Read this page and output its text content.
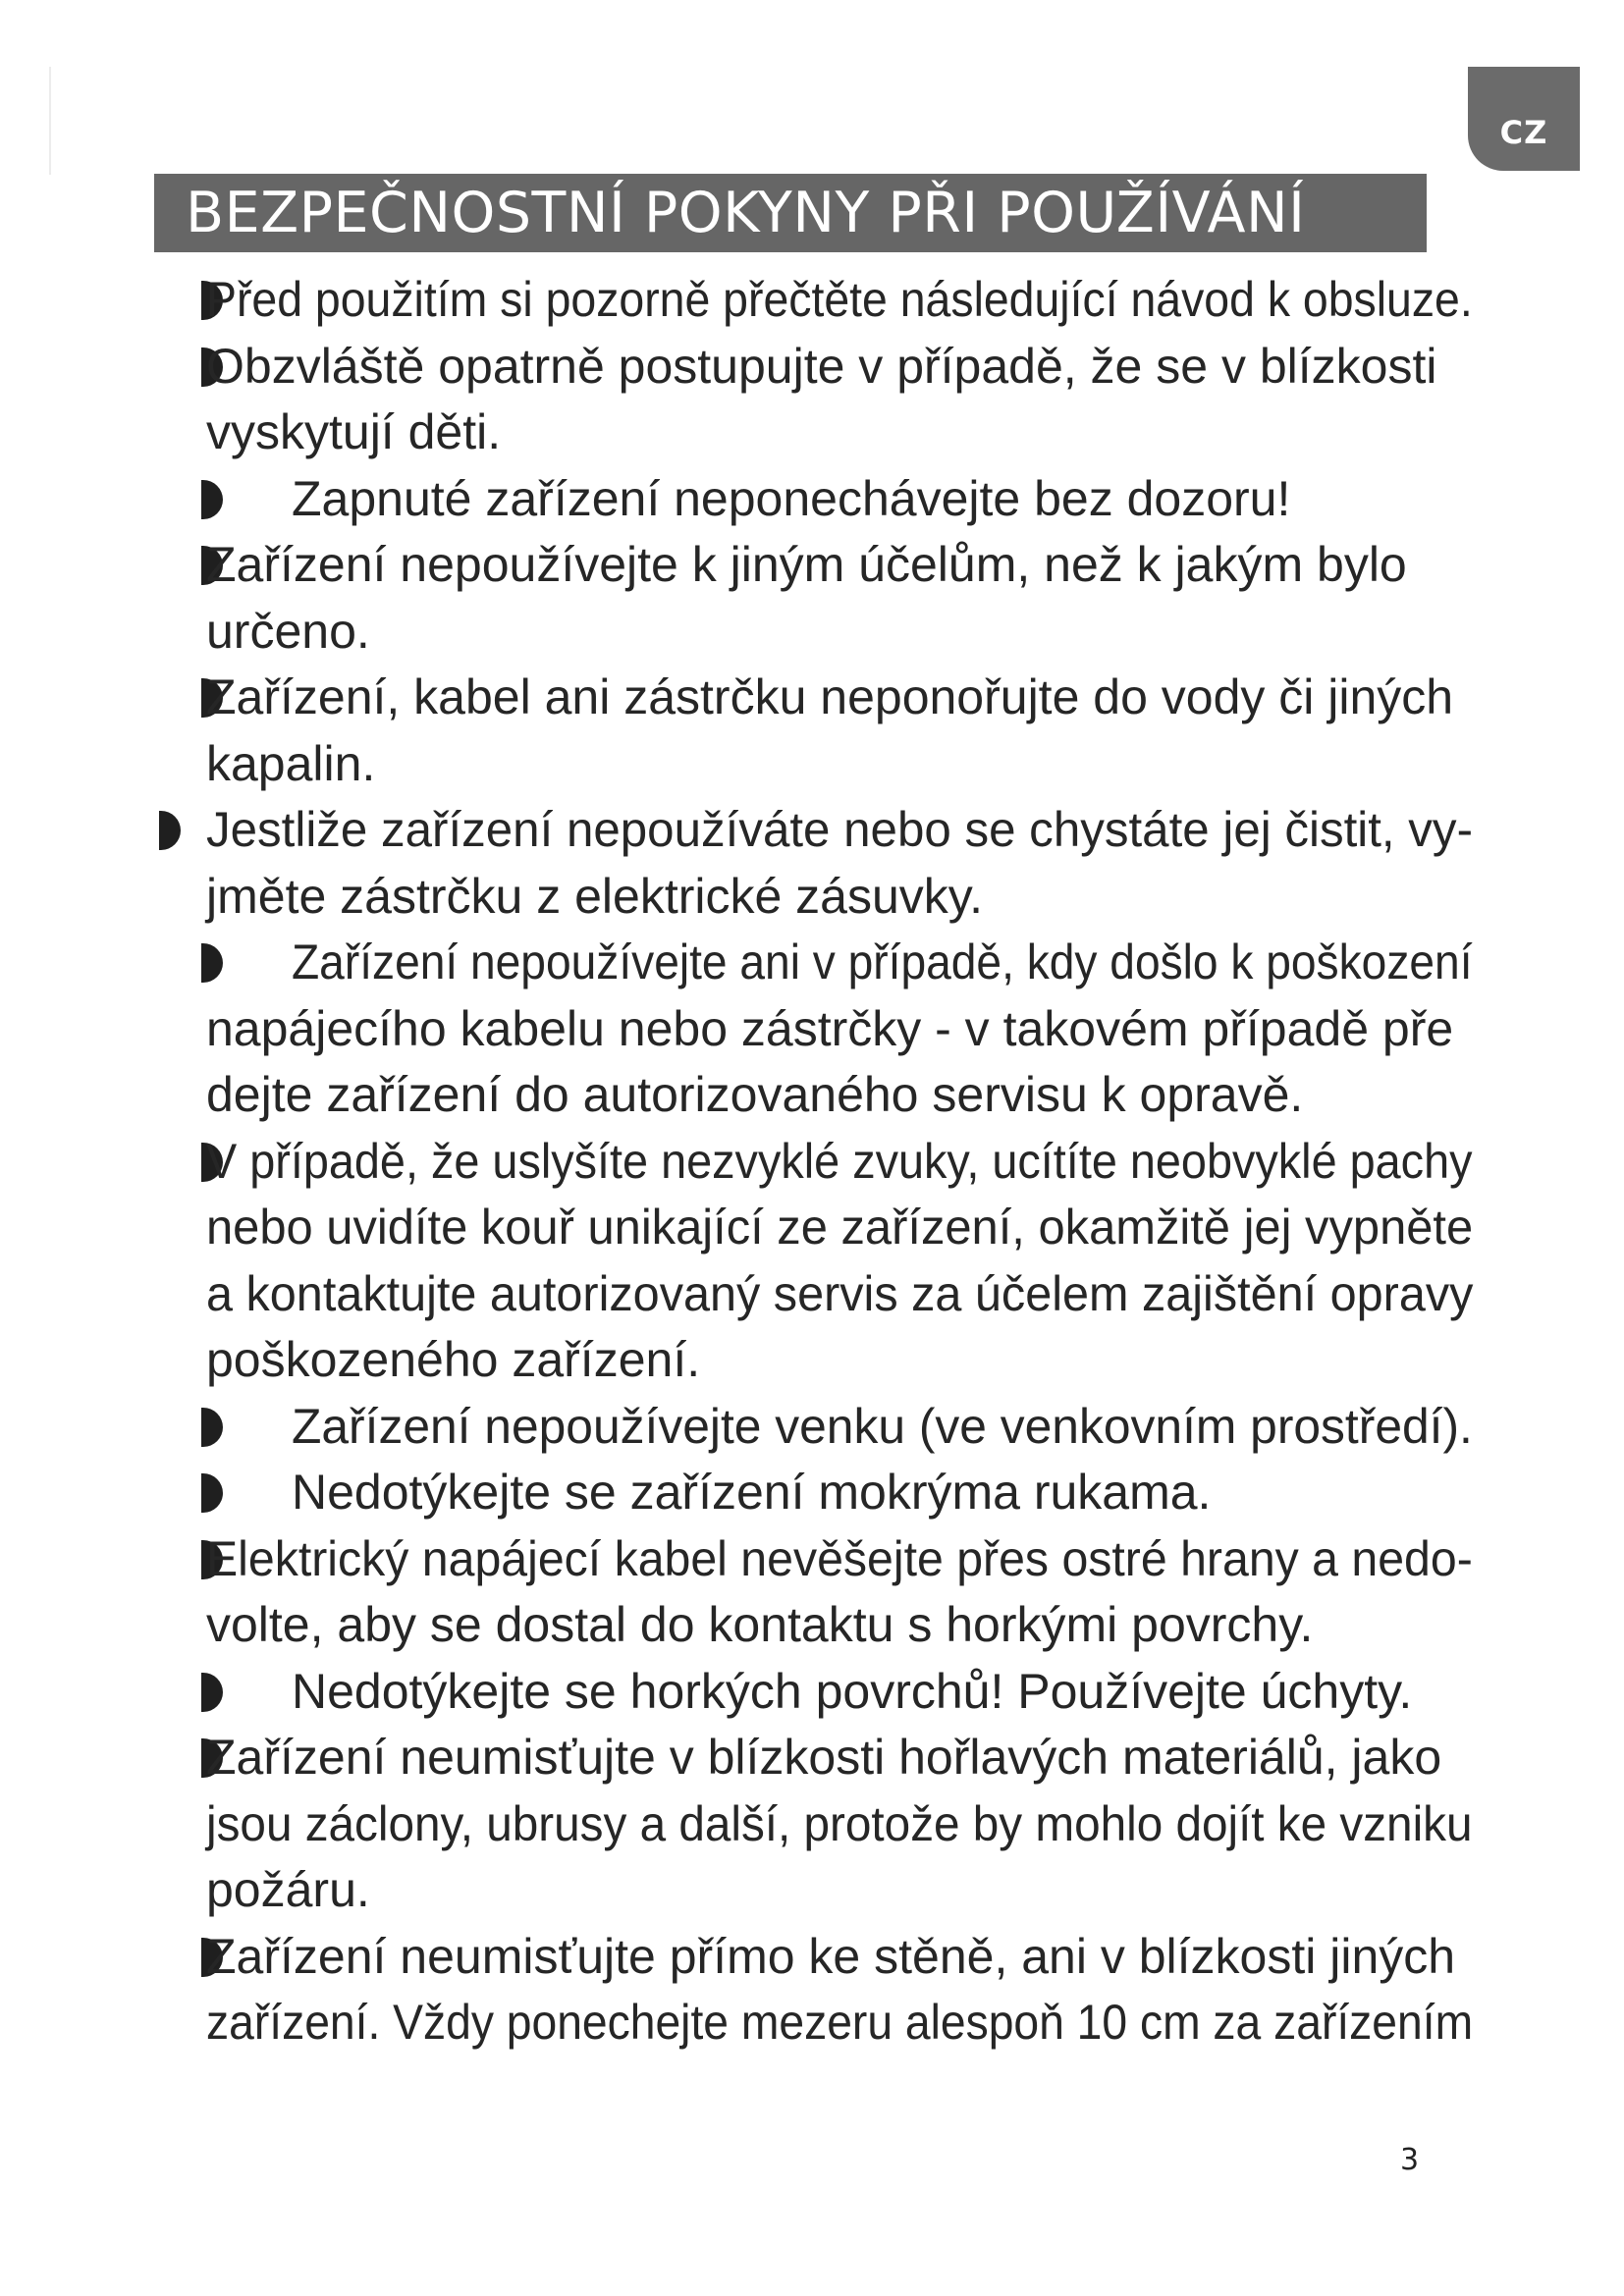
CZ
BEZPEČNOSTNÍ POKYNY PŘI POUŽÍVÁNÍ

Před použitím si pozorně přečtěte následující návod k obsluze.

Obzvláště opatrně postupujte v případě, že se v blízkosti

vyskytují děti.

Zapnuté zařízení neponechávejte bez dozoru!

Zařízení nepoužívejte k jiným účelům, než k jakým bylo

určeno.

Zařízení, kabel ani zástrčku neponořujte do vody či jiných

kapalin.

Jestliže zařízení nepoužíváte nebo se chystáte jej čistit, vy-

jměte zástrčku z elektrické zásuvky.

Zařízení nepoužívejte ani v případě, kdy došlo k poškození

napájecího kabelu nebo zástrčky - v takovém případě pře

dejte zařízení do autorizovaného servisu k opravě.

V případě, že uslyšíte nezvyklé zvuky, ucítíte neobvyklé pachy

nebo uvidíte kouř unikající ze zařízení, okamžitě jej vypněte

a kontaktujte autorizovaný servis za účelem zajištění opravy

poškozeného zařízení.

Zařízení nepoužívejte venku (ve venkovním prostředí).

Nedotýkejte se zařízení mokrýma rukama.

Elektrický napájecí kabel nevěšejte přes ostré hrany a nedo-

volte, aby se dostal do kontaktu s horkými povrchy.

Nedotýkejte se horkých povrchů! Používejte úchyty.

Zařízení neumisťujte v blízkosti hořlavých materiálů, jako

jsou záclony, ubrusy a další, protože by mohlo dojít ke vzniku

požáru.

Zařízení neumisťujte přímo ke stěně, ani v blízkosti jiných

zařízení. Vždy ponechejte mezeru alespoň 10 cm za zařízením

3
